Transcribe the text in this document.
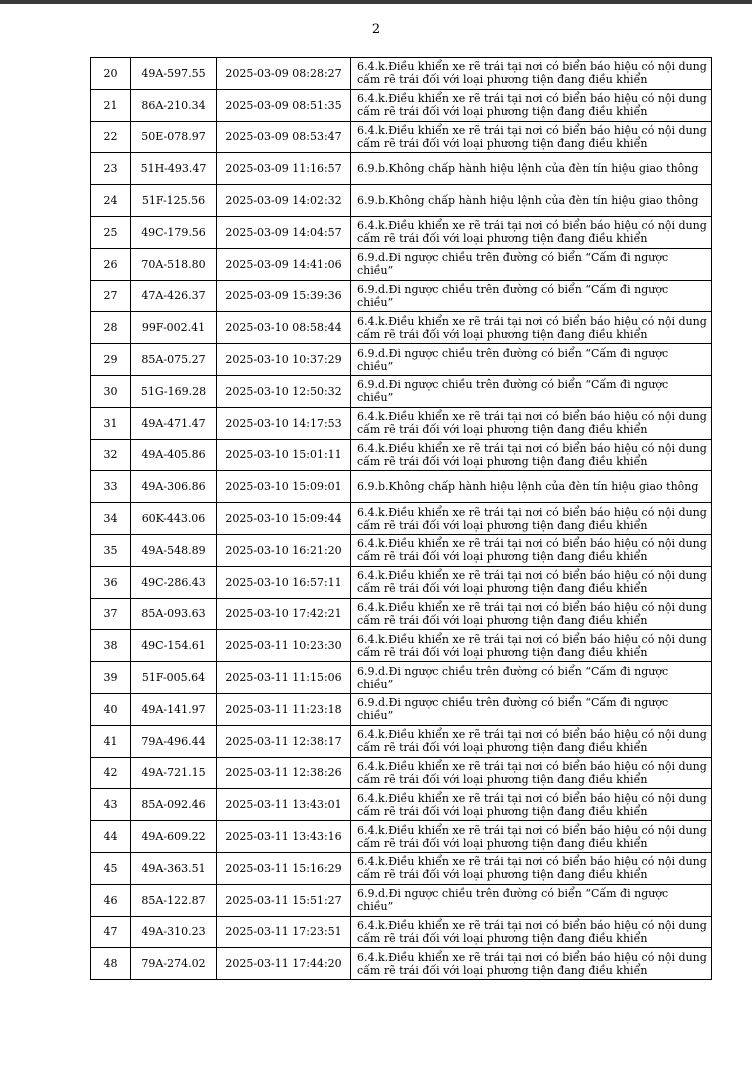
2
20	49A-597.55	2025-03-09 08:28:27	6.4.k.Điều khiển xe rẽ trái tại nơi có biển báo hiệu có nội dung cấm rẽ trái đối với loại phương tiện đang điều khiển
21	86A-210.34	2025-03-09 08:51:35	6.4.k.Điều khiển xe rẽ trái tại nơi có biển báo hiệu có nội dung cấm rẽ trái đối với loại phương tiện đang điều khiển
22	50E-078.97	2025-03-09 08:53:47	6.4.k.Điều khiển xe rẽ trái tại nơi có biển báo hiệu có nội dung cấm rẽ trái đối với loại phương tiện đang điều khiển
23	51H-493.47	2025-03-09 11:16:57	6.9.b.Không chấp hành hiệu lệnh của đèn tín hiệu giao thông
24	51F-125.56	2025-03-09 14:02:32	6.9.b.Không chấp hành hiệu lệnh của đèn tín hiệu giao thông
25	49C-179.56	2025-03-09 14:04:57	6.4.k.Điều khiển xe rẽ trái tại nơi có biển báo hiệu có nội dung cấm rẽ trái đối với loại phương tiện đang điều khiển
26	70A-518.80	2025-03-09 14:41:06	6.9.d.Đi ngược chiều trên đường có biển “Cấm đi ngược chiều”
27	47A-426.37	2025-03-09 15:39:36	6.9.d.Đi ngược chiều trên đường có biển “Cấm đi ngược chiều”
28	99F-002.41	2025-03-10 08:58:44	6.4.k.Điều khiển xe rẽ trái tại nơi có biển báo hiệu có nội dung cấm rẽ trái đối với loại phương tiện đang điều khiển
29	85A-075.27	2025-03-10 10:37:29	6.9.d.Đi ngược chiều trên đường có biển “Cấm đi ngược chiều”
30	51G-169.28	2025-03-10 12:50:32	6.9.d.Đi ngược chiều trên đường có biển “Cấm đi ngược chiều”
31	49A-471.47	2025-03-10 14:17:53	6.4.k.Điều khiển xe rẽ trái tại nơi có biển báo hiệu có nội dung cấm rẽ trái đối với loại phương tiện đang điều khiển
32	49A-405.86	2025-03-10 15:01:11	6.4.k.Điều khiển xe rẽ trái tại nơi có biển báo hiệu có nội dung cấm rẽ trái đối với loại phương tiện đang điều khiển
33	49A-306.86	2025-03-10 15:09:01	6.9.b.Không chấp hành hiệu lệnh của đèn tín hiệu giao thông
34	60K-443.06	2025-03-10 15:09:44	6.4.k.Điều khiển xe rẽ trái tại nơi có biển báo hiệu có nội dung cấm rẽ trái đối với loại phương tiện đang điều khiển
35	49A-548.89	2025-03-10 16:21:20	6.4.k.Điều khiển xe rẽ trái tại nơi có biển báo hiệu có nội dung cấm rẽ trái đối với loại phương tiện đang điều khiển
36	49C-286.43	2025-03-10 16:57:11	6.4.k.Điều khiển xe rẽ trái tại nơi có biển báo hiệu có nội dung cấm rẽ trái đối với loại phương tiện đang điều khiển
37	85A-093.63	2025-03-10 17:42:21	6.4.k.Điều khiển xe rẽ trái tại nơi có biển báo hiệu có nội dung cấm rẽ trái đối với loại phương tiện đang điều khiển
38	49C-154.61	2025-03-11 10:23:30	6.4.k.Điều khiển xe rẽ trái tại nơi có biển báo hiệu có nội dung cấm rẽ trái đối với loại phương tiện đang điều khiển
39	51F-005.64	2025-03-11 11:15:06	6.9.d.Đi ngược chiều trên đường có biển “Cấm đi ngược chiều”
40	49A-141.97	2025-03-11 11:23:18	6.9.d.Đi ngược chiều trên đường có biển “Cấm đi ngược chiều”
41	79A-496.44	2025-03-11 12:38:17	6.4.k.Điều khiển xe rẽ trái tại nơi có biển báo hiệu có nội dung cấm rẽ trái đối với loại phương tiện đang điều khiển
42	49A-721.15	2025-03-11 12:38:26	6.4.k.Điều khiển xe rẽ trái tại nơi có biển báo hiệu có nội dung cấm rẽ trái đối với loại phương tiện đang điều khiển
43	85A-092.46	2025-03-11 13:43:01	6.4.k.Điều khiển xe rẽ trái tại nơi có biển báo hiệu có nội dung cấm rẽ trái đối với loại phương tiện đang điều khiển
44	49A-609.22	2025-03-11 13:43:16	6.4.k.Điều khiển xe rẽ trái tại nơi có biển báo hiệu có nội dung cấm rẽ trái đối với loại phương tiện đang điều khiển
45	49A-363.51	2025-03-11 15:16:29	6.4.k.Điều khiển xe rẽ trái tại nơi có biển báo hiệu có nội dung cấm rẽ trái đối với loại phương tiện đang điều khiển
46	85A-122.87	2025-03-11 15:51:27	6.9.d.Đi ngược chiều trên đường có biển “Cấm đi ngược chiều”
47	49A-310.23	2025-03-11 17:23:51	6.4.k.Điều khiển xe rẽ trái tại nơi có biển báo hiệu có nội dung cấm rẽ trái đối với loại phương tiện đang điều khiển
48	79A-274.02	2025-03-11 17:44:20	6.4.k.Điều khiển xe rẽ trái tại nơi có biển báo hiệu có nội dung cấm rẽ trái đối với loại phương tiện đang điều khiển
